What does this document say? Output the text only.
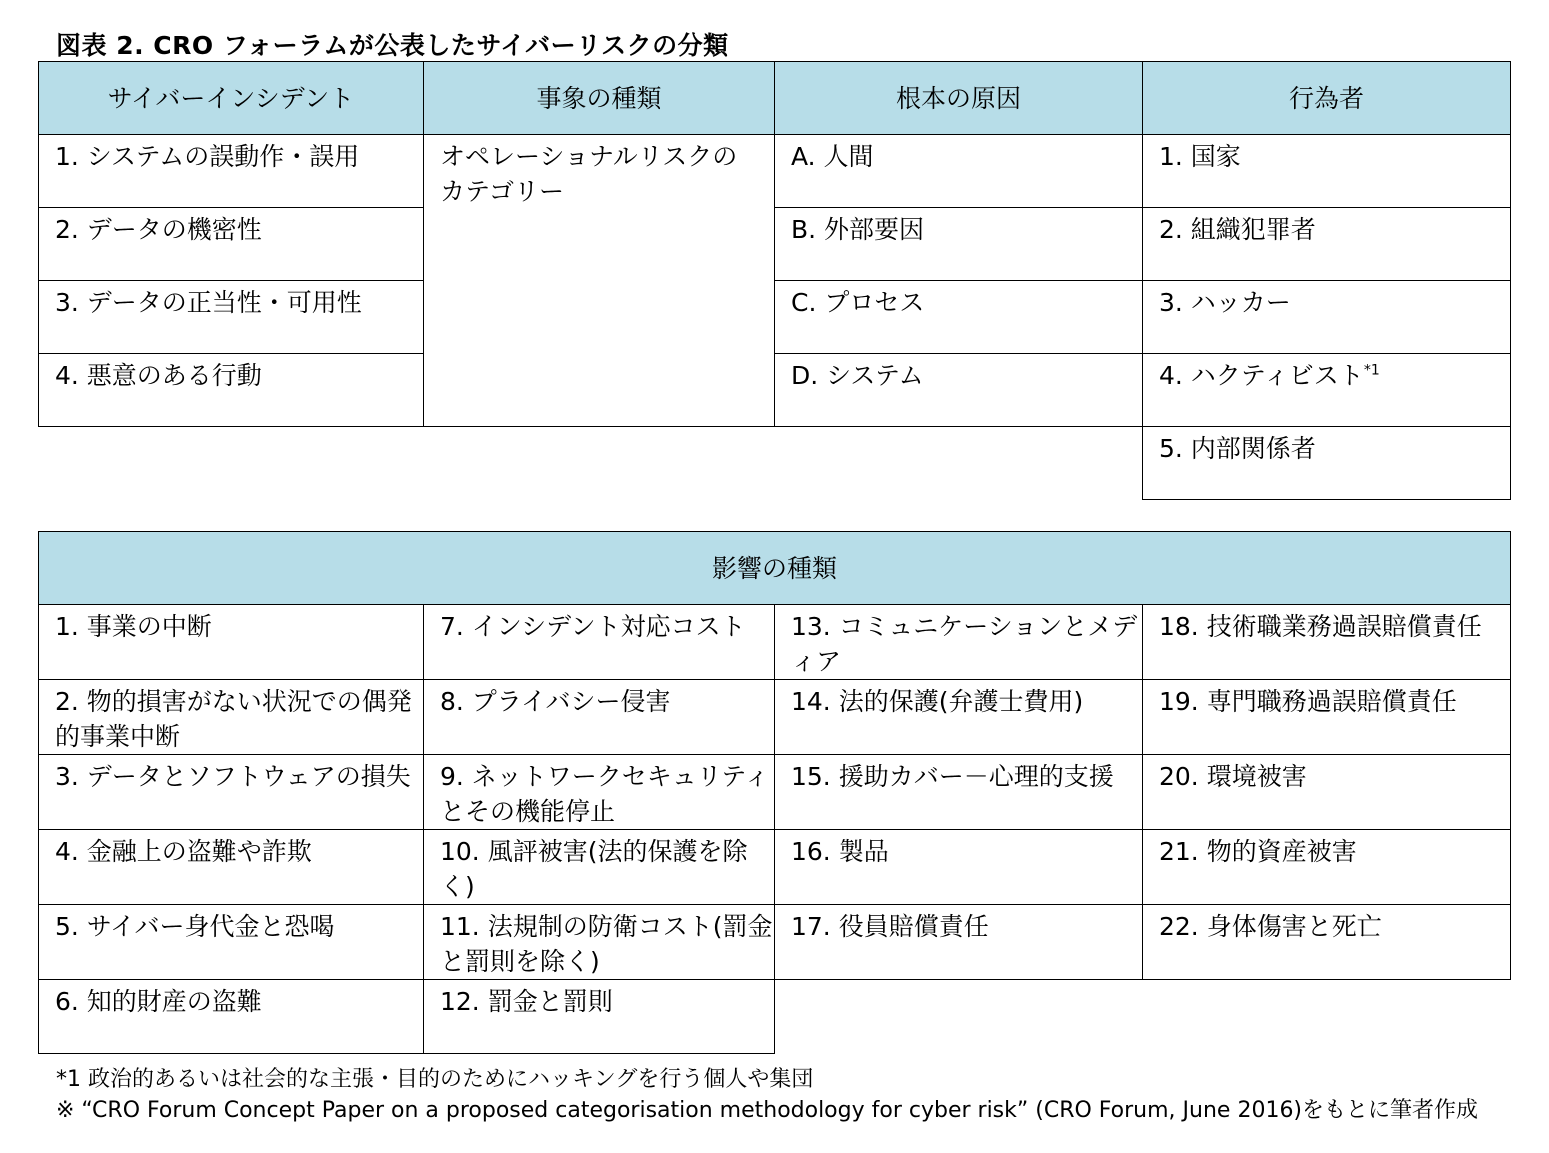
図表 2. CRO フォーラムが公表したサイバーリスクの分類
サイバーインシデント	事象の種類	根本の原因	行為者
1. システムの誤動作・誤用	オペレーショナルリスクのカテゴリー	A. 人間	1. 国家
2. データの機密性		B. 外部要因	2. 組織犯罪者
3. データの正当性・可用性		C. プロセス	3. ハッカー
4. 悪意のある行動		D. システム	4. ハクティビスト$^{*1}$
			5. 内部関係者
影響の種類			
1. 事業の中断	7. インシデント対応コスト	13. コミュニケーションとメディア	18. 技術職業務過誤賠償責任
2. 物的損害がない状況での偶発的事業中断	8. プライバシー侵害	14. 法的保護(弁護士費用)	19. 専門職務過誤賠償責任
3. データとソフトウェアの損失	9. ネットワークセキュリティとその機能停止	15. 援助カバー－心理的支援	20. 環境被害
4. 金融上の盗難や詐欺	10. 風評被害(法的保護を除く)	16. 製品	21. 物的資産被害
5. サイバー身代金と恐喝	11. 法規制の防衛コスト(罰金と罰則を除く)	17. 役員賠償責任	22. 身体傷害と死亡
6. 知的財産の盗難	12. 罰金と罰則		
*1 政治的あるいは社会的な主張・目的のためにハッキングを行う個人や集団
※ “CRO Forum Concept Paper on a proposed categorisation methodology for cyber risk” (CRO Forum, June 2016)をもとに筆者作成
